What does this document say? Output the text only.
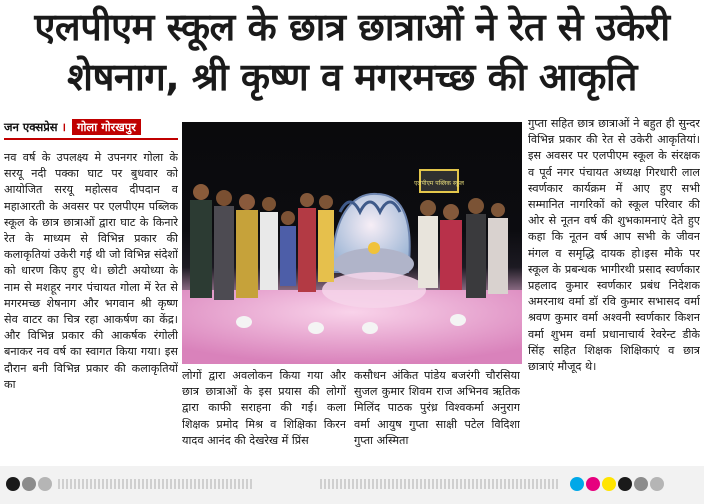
एलपीएम स्कूल के छात्र छात्राओं ने रेत से उकेरी
शेषनाग, श्री कृष्ण व मगरमच्छ की आकृति
जन एक्सप्रेस । गोला गोरखपुर
नव वर्ष के उपलक्ष्य मे उपनगर गोला के सरयू नदी पक्का घाट पर बुधवार को आयोजित सरयू महोत्सव दीपदान व महाआरती के अवसर पर एलपीएम पब्लिक स्कूल के छात्र छात्राओं द्वारा घाट के किनारे रेत के माध्यम से विभिन्न प्रकार की कलाकृतियां उकेरी गई थी जो विभिन्न संदेशों को धारण किए हुए थे। छोटी अयोध्या के नाम से मशहूर नगर पंचायत गोला में रेत से मगरमच्छ शेषनाग और भगवान श्री कृष्ण सेव वाटर का चित्र रहा आकर्षण का केंद्र। और विभिन्न प्रकार की आकर्षक रंगोली बनाकर नव वर्ष का स्वागत किया गया। इस दौरान बनी विभिन्न प्रकार की कलाकृतियों का
एलपीएम पब्लिक स्कूल
लोगों द्वारा अवलोकन किया गया और छात्र छात्राओं के इस प्रयास की लोगों द्वारा काफी सराहना की गई। कला शिक्षक प्रमोद मिश्र व शिक्षिका किरन यादव आनंद की देखरेख में प्रिंस
कसौधन अंकित पांडेय बजरंगी चौरसिया सुजल कुमार शिवम राज अभिनव ऋतिक मिलिंद पाठक पुरंध्र विश्वकर्मा अनुराग वर्मा आयुष गुप्ता साक्षी पटेल विदिशा गुप्ता अस्मिता
गुप्ता सहित छात्र छात्राओं ने बहुत ही सुन्दर विभिन्न प्रकार की रेत से उकेरी आकृतियां।इस अवसर पर एलपीएम स्कूल के संरक्षक व पूर्व नगर पंचायत अध्यक्ष गिरधारी लाल स्वर्णकार कार्यक्रम में आए हुए सभी सम्मानित नागरिकों को स्कूल परिवार की ओर से नूतन वर्ष की शुभकामनाएं देते हुए कहा कि नूतन वर्ष आप सभी के जीवन मंगल व समृद्धि दायक हो।इस मौके पर स्कूल के प्रबन्धक भागीरथी प्रसाद स्वर्णकार प्रहलाद कुमार स्वर्णकार प्रबंध निदेशक अमरनाथ वर्मा डॉ रवि कुमार सभासद वर्मा श्रवण कुमार वर्मा अश्वनी स्वर्णकार किशन वर्मा शुभम वर्मा प्रधानाचार्य रेवरेन्ट डीके सिंह सहित शिक्षक शिक्षिकाएं व छात्र छात्राएं मौजूद थे।
